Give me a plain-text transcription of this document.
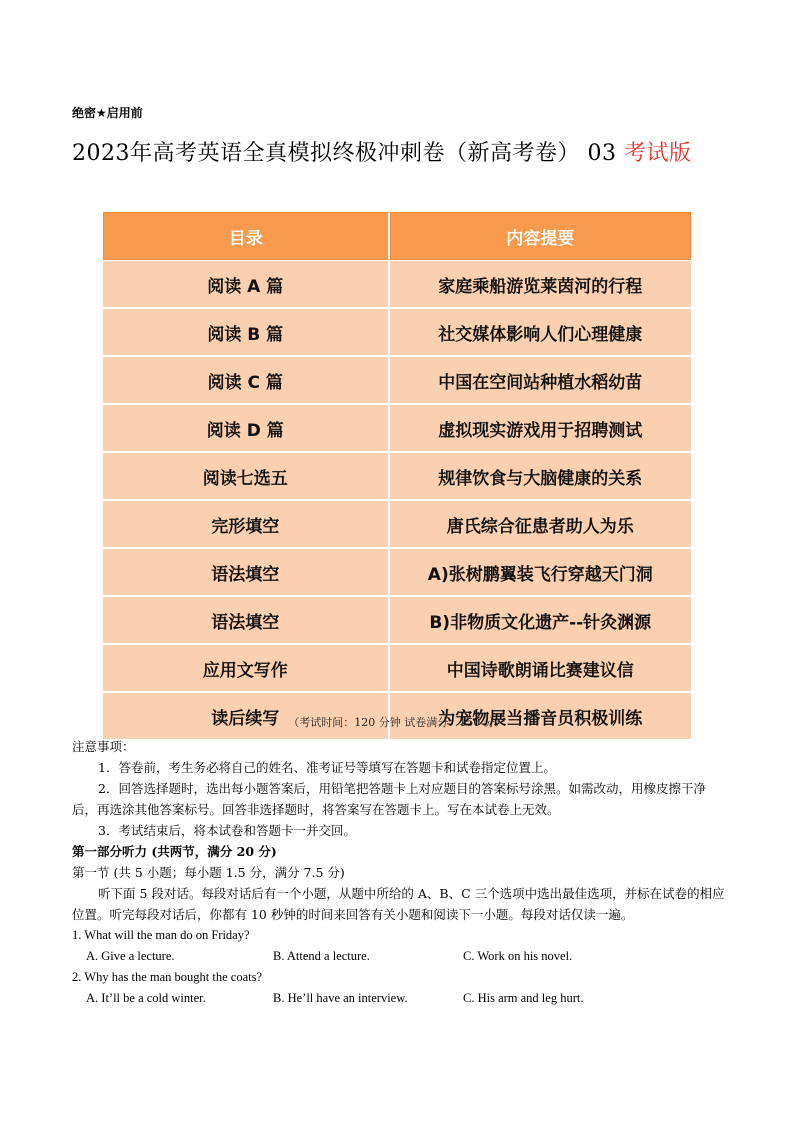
绝密★启用前
2023年高考英语全真模拟终极冲刺卷（新高考卷） 03 考试版
目录	内容提要
阅读 A 篇	家庭乘船游览莱茵河的行程
阅读 B 篇	社交媒体影响人们心理健康
阅读 C 篇	中国在空间站种植水稻幼苗
阅读 D 篇	虚拟现实游戏用于招聘测试
阅读七选五	规律饮食与大脑健康的关系
完形填空	唐氏综合征患者助人为乐
语法填空	A)张树鹏翼装飞行穿越天门洞
语法填空	B)非物质文化遗产--针灸渊源
应用文写作	中国诗歌朗诵比赛建议信
读后续写	为宠物展当播音员积极训练
（考试时间：120 分钟 试卷满分：150 分）

注意事项：

1．答卷前，考生务必将自己的姓名、准考证号等填写在答题卡和试卷指定位置上。

2．回答选择题时，选出每小题答案后，用铅笔把答题卡上对应题目的答案标号涂黑。如需改动，用橡皮擦干净后，再选涂其他答案标号。回答非选择题时，将答案写在答题卡上。写在本试卷上无效。

3．考试结束后，将本试卷和答题卡一并交回。

第一部分听力 (共两节，满分 20 分)

第一节 (共 5 小题；每小题 1.5 分，满分 7.5 分)

听下面 5 段对话。每段对话后有一个小题，从题中所给的 A、B、C 三个选项中选出最佳选项，并标在试卷的相应位置。听完每段对话后，你都有 10 秒钟的时间来回答有关小题和阅读下一小题。每段对话仅读一遍。

1. What will the man do on Friday?

A. Give a lecture.	B. Attend a lecture.	C. Work on his novel.

2. Why has the man bought the coats?

A. It’ll be a cold winter.	B. He’ll have an interview.	C. His arm and leg hurt.
